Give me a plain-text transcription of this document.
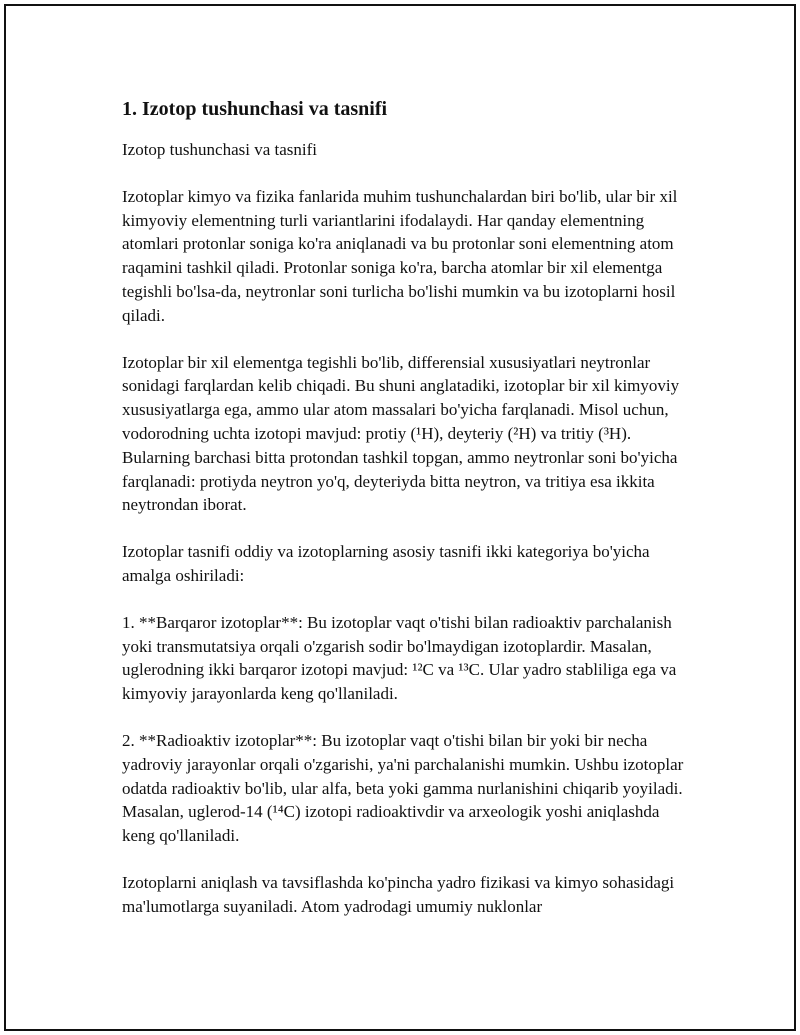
1. Izotop tushunchasi va tasnifi

Izotop tushunchasi va tasnifi

Izotoplar kimyo va fizika fanlarida muhim tushunchalardan biri bo'lib, ular bir xil kimyoviy elementning turli variantlarini ifodalaydi. Har qanday elementning atomlari protonlar soniga ko'ra aniqlanadi va bu protonlar soni elementning atom raqamini tashkil qiladi. Protonlar soniga ko'ra, barcha atomlar bir xil elementga tegishli bo'lsa-da, neytronlar soni turlicha bo'lishi mumkin va bu izotoplarni hosil qiladi.

Izotoplar bir xil elementga tegishli bo'lib, differensial xususiyatlari neytronlar sonidagi farqlardan kelib chiqadi. Bu shuni anglatadiki, izotoplar bir xil kimyoviy xususiyatlarga ega, ammo ular atom massalari bo'yicha farqlanadi. Misol uchun, vodorodning uchta izotopi mavjud: protiy (¹H), deyteriy (²H) va tritiy (³H). Bularning barchasi bitta protondan tashkil topgan, ammo neytronlar soni bo'yicha farqlanadi: protiyda neytron yo'q, deyteriyda bitta neytron, va tritiya esa ikkita neytrondan iborat.

Izotoplar tasnifi oddiy va izotoplarning asosiy tasnifi ikki kategoriya bo'yicha amalga oshiriladi:

1. **Barqaror izotoplar**: Bu izotoplar vaqt o'tishi bilan radioaktiv parchalanish yoki transmutatsiya orqali o'zgarish sodir bo'lmaydigan izotoplardir. Masalan, uglerodning ikki barqaror izotopi mavjud: ¹²C va ¹³C. Ular yadro stabliligа ega va kimyoviy jarayonlarda keng qo'llaniladi.

2. **Radioaktiv izotoplar**: Bu izotoplar vaqt o'tishi bilan bir yoki bir necha yadroviy jarayonlar orqali o'zgarishi, ya'ni parchalanishi mumkin. Ushbu izotoplar odatda radioaktiv bo'lib, ular alfa, beta yoki gamma nurlanishini chiqarib yoyiladi. Masalan, uglerod-14 (¹⁴C) izotopi radioaktivdir va arxeologik yoshi aniqlashda keng qo'llaniladi.

Izotoplarni aniqlash va tavsiflashda ko'pincha yadro fizikasi va kimyo sohasidagi ma'lumotlarga suyaniladi. Atom yadrodagi umumiy nuklonlar
